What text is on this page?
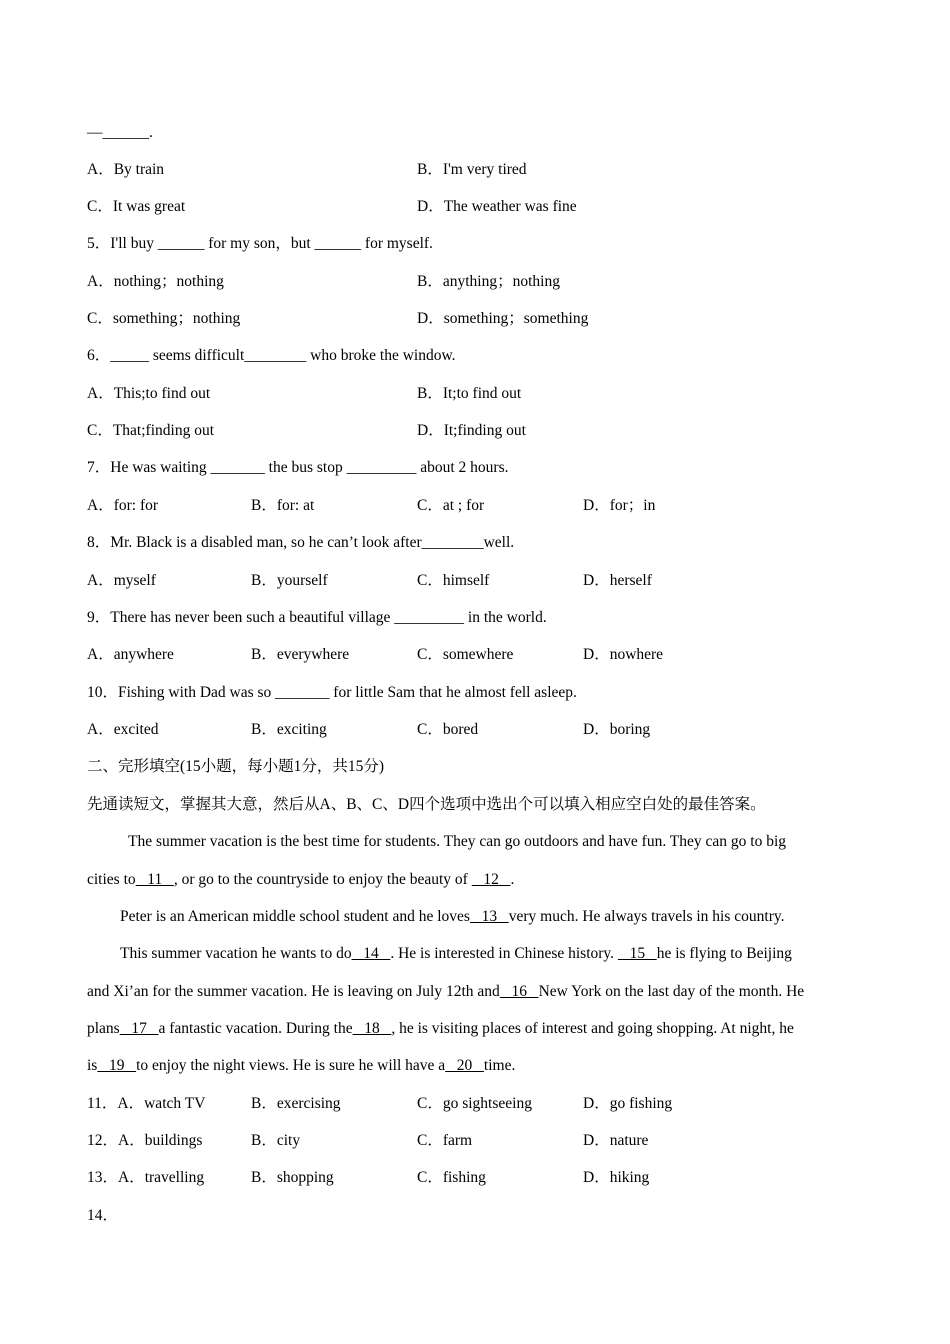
—______.
A．By train	B．I'm very tired
C．It was great	D．The weather was fine
5．I'll buy ______ for my son，but ______ for myself.
A．nothing；nothing	B．anything；nothing
C．something；nothing	D．something；something
6．_____ seems difficult________ who broke the window.
A．This;to find out	B．It;to find out
C．That;finding out	D．It;finding out
7．He was waiting _______ the bus stop _________ about 2 hours.
A．for: for	B．for: at	C．at ; for	D．for；in
8．Mr. Black is a disabled man, so he can’t look after________well.
A．myself	B．yourself	C．himself	D．herself
9．There has never been such a beautiful village _________ in the world.
A．anywhere	B．everywhere	C．somewhere	D．nowhere
10．Fishing with Dad was so _______ for little Sam that he almost fell asleep.
A．excited	B．exciting	C．bored	D．boring
二、完形填空(15小题，每小题1分，共15分)
先通读短文，掌握其大意，然后从A、B、C、D四个选项中选出个可以填入相应空白处的最佳答案。
The summer vacation is the best time for students. They can go outdoors and have fun. They can go to big
cities to   11   , or go to the countryside to enjoy the beauty of    12   .
Peter is an American middle school student and he loves   13   very much. He always travels in his country.
This summer vacation he wants to do   14   . He is interested in Chinese history.    15   he is flying to Beijing
and Xi’an for the summer vacation. He is leaving on July 12th and   16   New York on the last day of the month. He
plans   17   a fantastic vacation. During the   18   , he is visiting places of interest and going shopping. At night, he
is   19   to enjoy the night views. He is sure he will have a   20   time.
11．A．watch TV	B．exercising	C．go sightseeing	D．go fishing
12．A．buildings	B．city	C．farm	D．nature
13．A．travelling	B．shopping	C．fishing	D．hiking
14．
